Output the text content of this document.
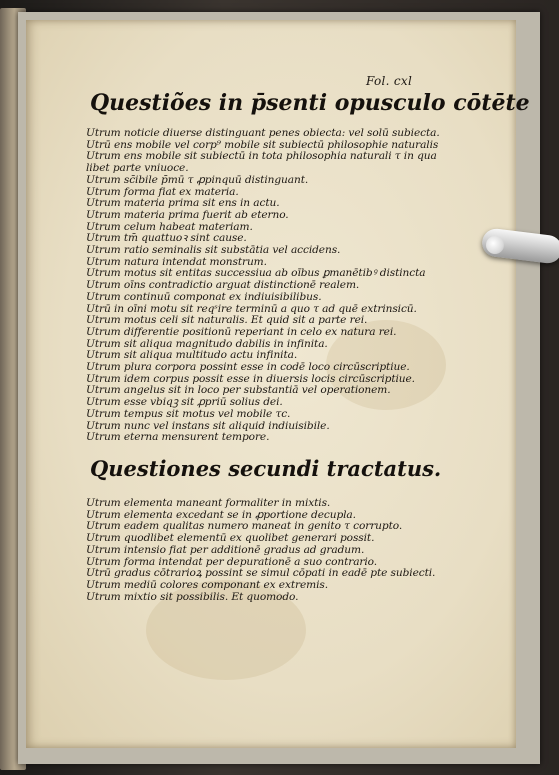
Fol. cxl
Questiões in p̄senti opusculo cōtēte
Utrum noticie diuerse distinguant penes obiecta: vel solū subiecta.
Utrū ens mobile vel corp⁹ mobile sit subiectū philosophie naturalis
Utrum ens mobile sit subiectū in tota philosophia naturali τ in qua
libet parte vniuoce.
Utrum sc̄ibile p̄mū τ ꝓpinquū distinguant.
Utrum forma fiat ex materia.
Utrum materia prima sit ens in actu.
Utrum materia prima fuerit ab eterno.
Utrum celum habeat materiam.
Utrum tm̄ quattuoꝛ sint cause.
Utrum ratio seminalis sit substātia vel accidens.
Utrum natura intendat monstrum.
Utrum motus sit entitas successiua ab oībus ꝑmanētibꝰ distincta
Utrum oīns contradictio arguat distinctionē realem.
Utrum continuū componat ex indiuisibilibus.
Utrū in oīni motu sit reqˢire terminū a quo τ ad quē extrinsicū.
Utrum motus celi sit naturalis. Et quid sit a parte rei.
Utrum differentie positionū reperiant in celo ex natura rei.
Utrum sit aliqua magnitudo dabilis in infinita.
Utrum sit aliqua multitudo actu infinita.
Utrum plura corpora possint esse in codē loco circūscriptiue.
Utrum idem corpus possit esse in diuersis locis circūscriptiue.
Utrum angelus sit in loco per substantiā vel operationem.
Utrum esse vbiqꝫ sit ꝓpriū solius dei.
Utrum tempus sit motus vel mobile τc.
Utrum nunc vel instans sit aliquid indiuisibile.
Utrum eterna mensurent tempore.
Questiones secundi tractatus.
Utrum elementa maneant formaliter in mixtis.
Utrum elementa excedant se in ꝓportione decupla.
Utrum eadem qualitas numero maneat in genito τ corrupto.
Utrum quodlibet elementū ex quolibet generari possit.
Utrum intensio fiat per additionē gradus ad gradum.
Utrum forma intendat per depurationē a suo contrario.
Utrū gradus cōtrarioꝝ possint se simul cōpati in eadē pte subiecti.
Utrum mediū colores componant ex extremis.
Utrum mixtio sit possibilis. Et quomodo.
